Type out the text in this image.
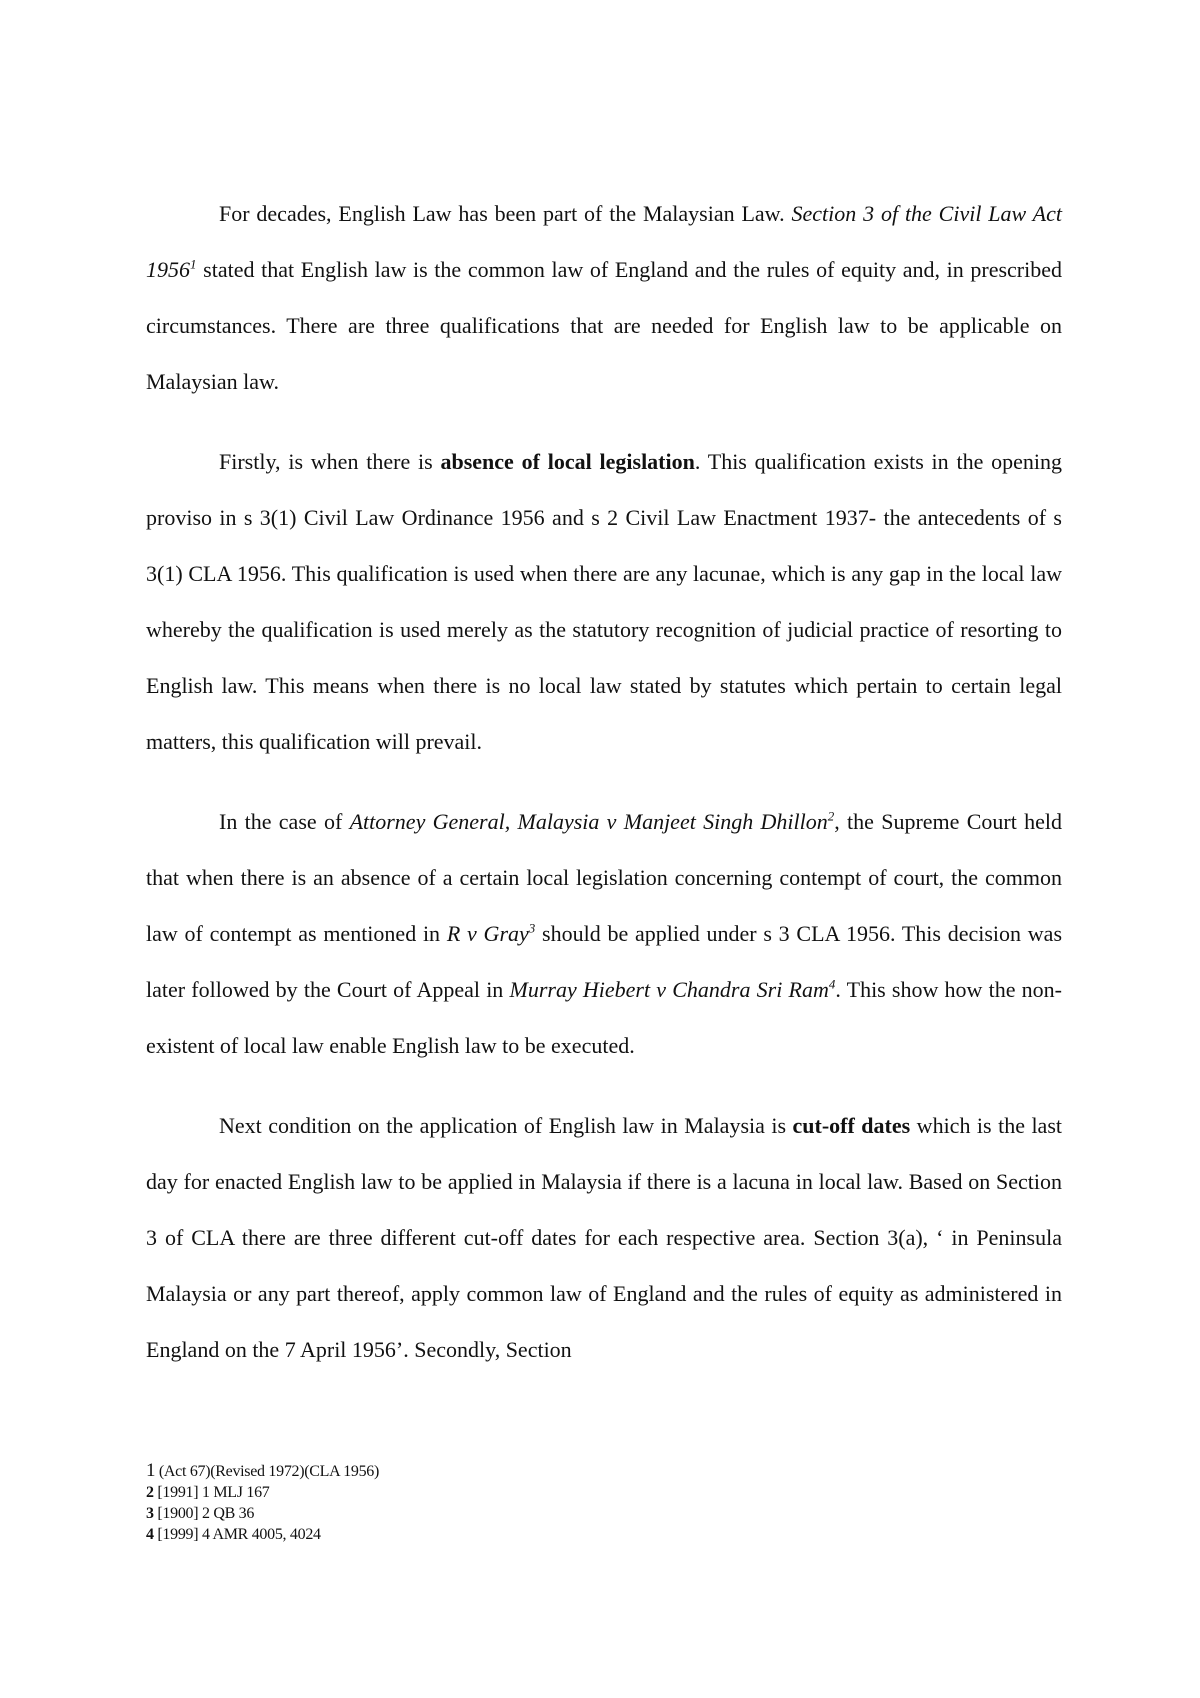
For decades, English Law has been part of the Malaysian Law. Section 3 of the Civil Law Act 1956$^1$ stated that English law is the common law of England and the rules of equity and, in prescribed circumstances. There are three qualifications that are needed for English law to be applicable on Malaysian law.

Firstly, is when there is absence of local legislation. This qualification exists in the opening proviso in s 3(1) Civil Law Ordinance 1956 and s 2 Civil Law Enactment 1937- the antecedents of s 3(1) CLA 1956. This qualification is used when there are any lacunae, which is any gap in the local law whereby the qualification is used merely as the statutory recognition of judicial practice of resorting to English law. This means when there is no local law stated by statutes which pertain to certain legal matters, this qualification will prevail.

In the case of Attorney General, Malaysia v Manjeet Singh Dhillon$^2$, the Supreme Court held that when there is an absence of a certain local legislation concerning contempt of court, the common law of contempt as mentioned in R v Gray$^3$ should be applied under s 3 CLA 1956. This decision was later followed by the Court of Appeal in Murray Hiebert v Chandra Sri Ram$^4$. This show how the non-existent of local law enable English law to be executed.

Next condition on the application of English law in Malaysia is cut-off dates which is the last day for enacted English law to be applied in Malaysia if there is a lacuna in local law. Based on Section 3 of CLA there are three different cut-off dates for each respective area. Section 3(a), ‘ in Peninsula Malaysia or any part thereof, apply common law of England and the rules of equity as administered in England on the 7 April 1956’. Secondly, Section

1 (Act 67)(Revised 1972)(CLA 1956)

2 [1991] 1 MLJ 167

3 [1900] 2 QB 36

4 [1999] 4 AMR 4005, 4024
